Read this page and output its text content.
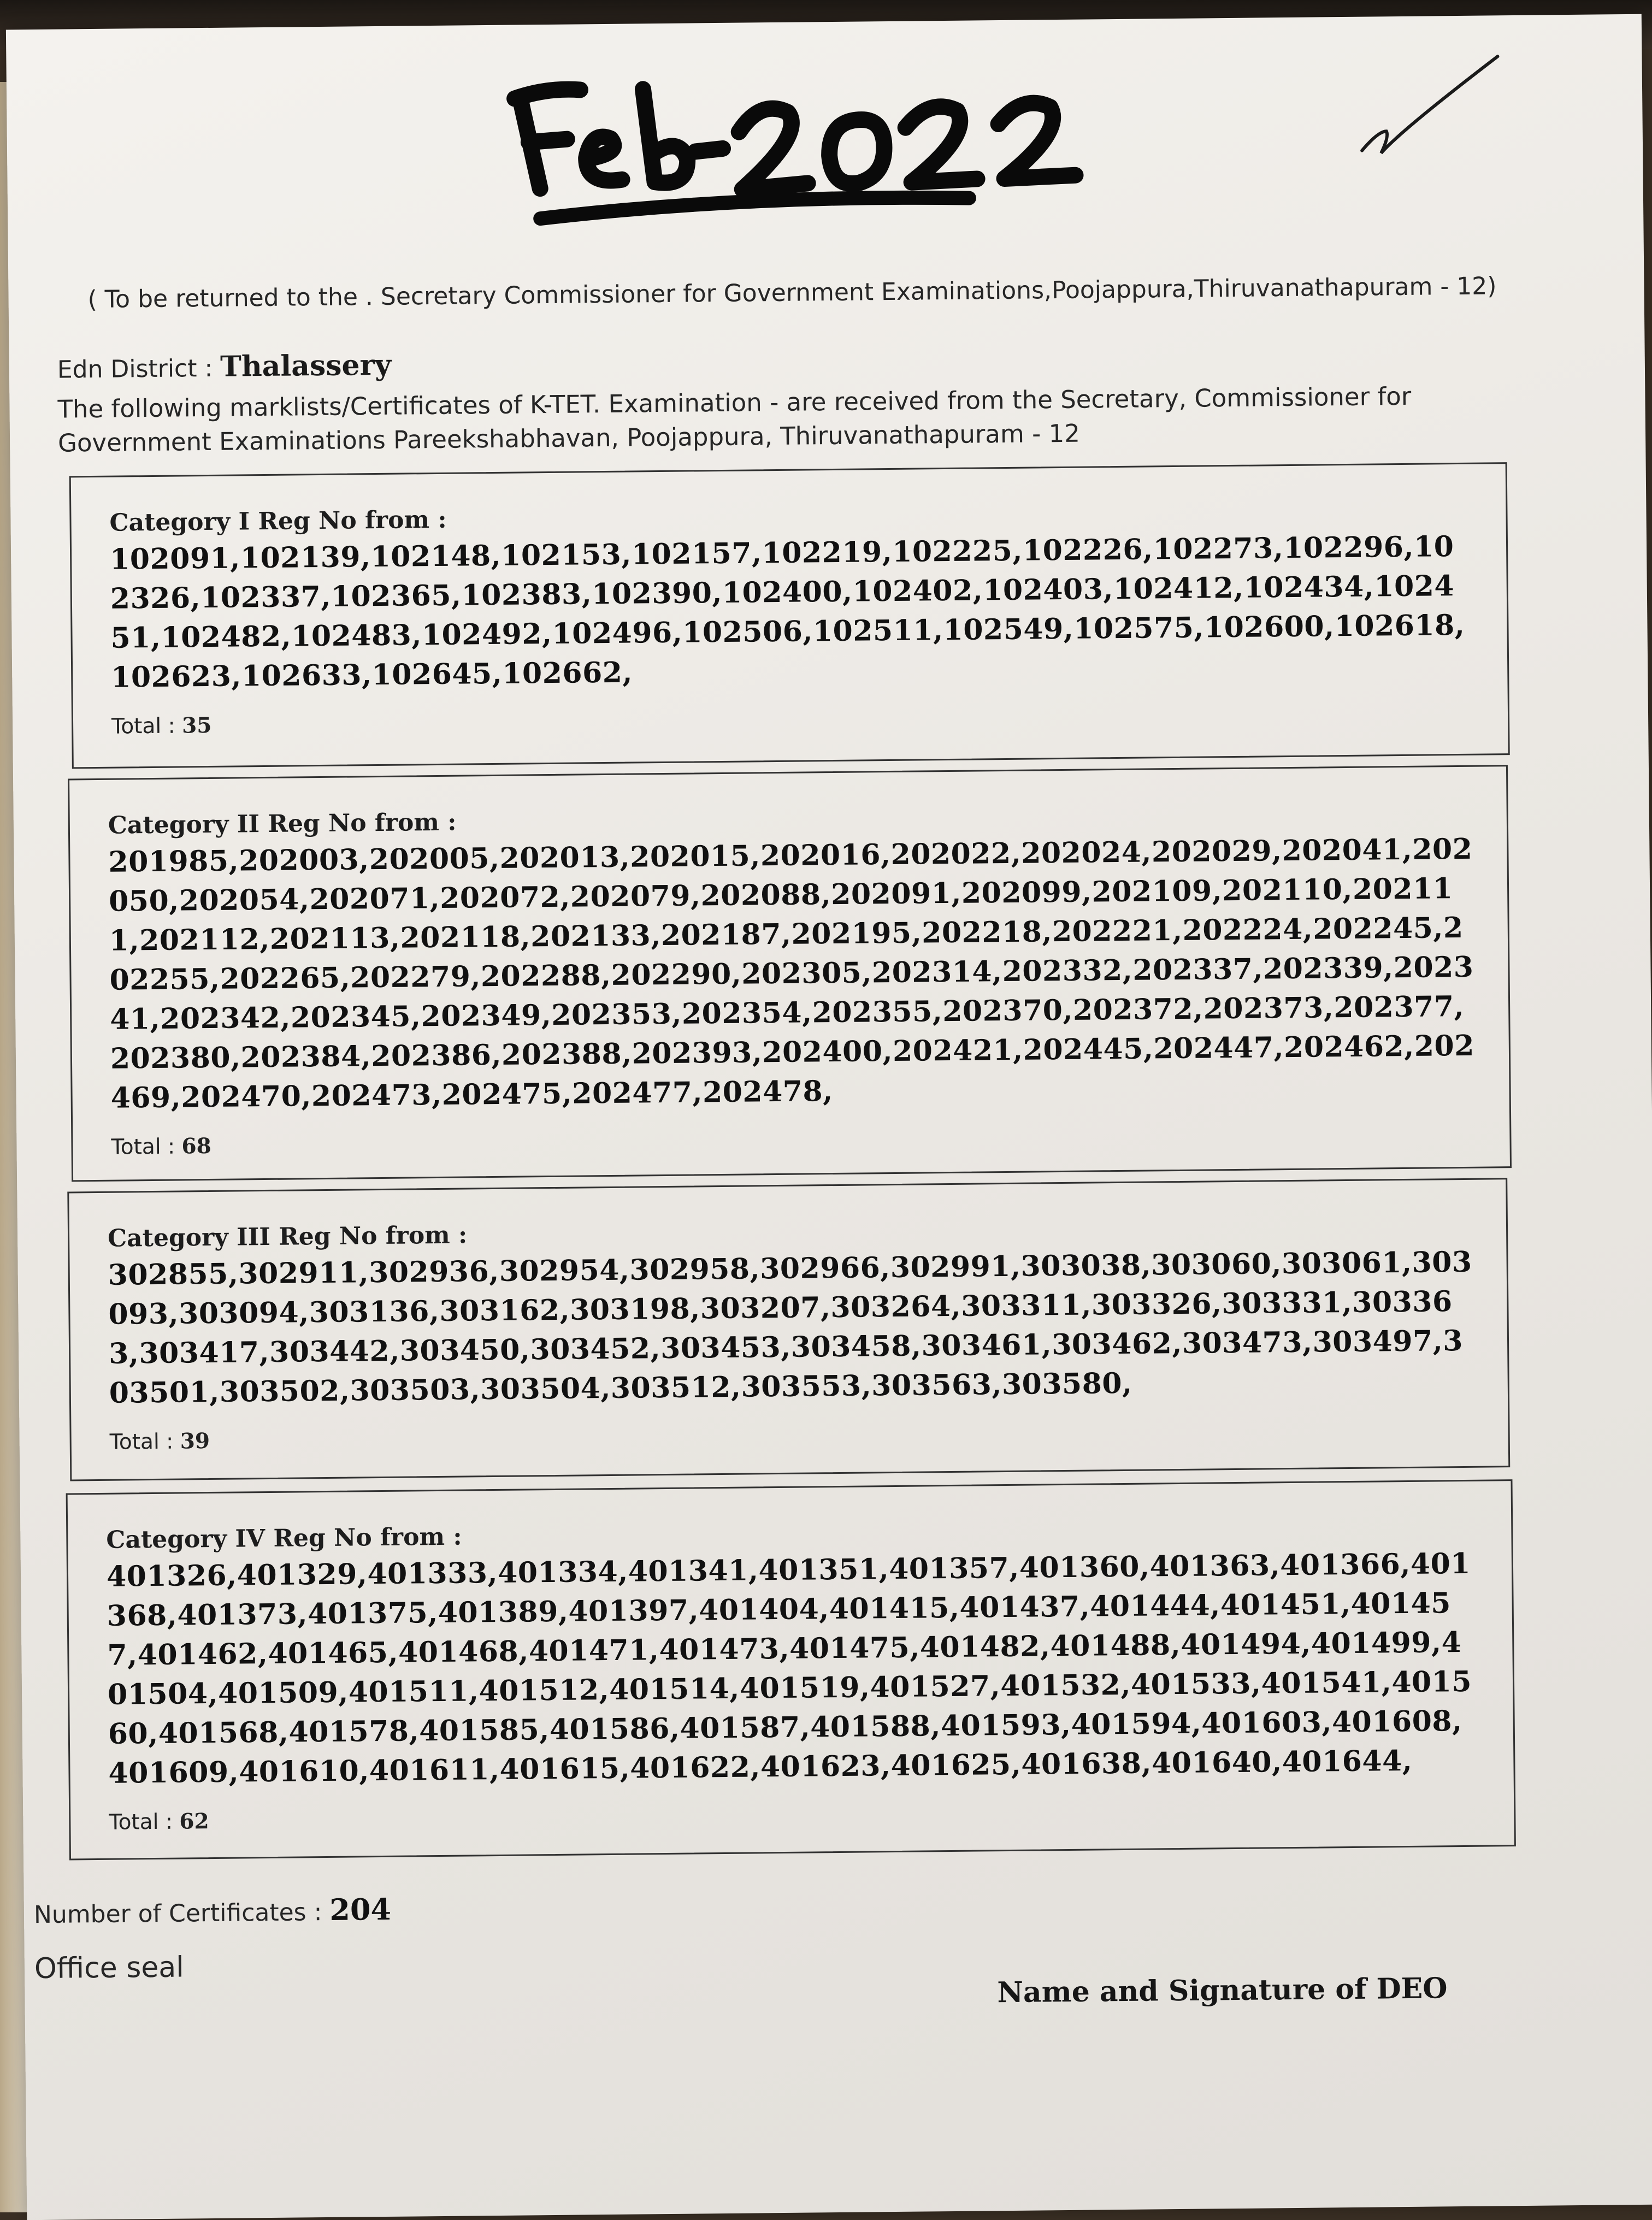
( To be returned to the . Secretary Commissioner for Government Examinations,Poojappura,Thiruvanathapuram - 12)
Edn District : Thalassery
The following marklists/Certificates of K-TET. Examination - are received from the Secretary, Commissioner for Government Examinations Pareekshabhavan, Poojappura, Thiruvanathapuram - 12
Category I Reg No from :
102091,102139,102148,102153,102157,102219,102225,102226,102273,102296,102326,102337,102365,102383,102390,102400,102402,102403,102412,102434,102451,102482,102483,102492,102496,102506,102511,102549,102575,102600,102618,102623,102633,102645,102662,
Total : 35
Category II Reg No from :
201985,202003,202005,202013,202015,202016,202022,202024,202029,202041,202050,202054,202071,202072,202079,202088,202091,202099,202109,202110,202111,202112,202113,202118,202133,202187,202195,202218,202221,202224,202245,202255,202265,202279,202288,202290,202305,202314,202332,202337,202339,202341,202342,202345,202349,202353,202354,202355,202370,202372,202373,202377,202380,202384,202386,202388,202393,202400,202421,202445,202447,202462,202469,202470,202473,202475,202477,202478,
Total : 68
Category III Reg No from :
302855,302911,302936,302954,302958,302966,302991,303038,303060,303061,303093,303094,303136,303162,303198,303207,303264,303311,303326,303331,303363,303417,303442,303450,303452,303453,303458,303461,303462,303473,303497,303501,303502,303503,303504,303512,303553,303563,303580,
Total : 39
Category IV Reg No from :
401326,401329,401333,401334,401341,401351,401357,401360,401363,401366,401368,401373,401375,401389,401397,401404,401415,401437,401444,401451,401457,401462,401465,401468,401471,401473,401475,401482,401488,401494,401499,401504,401509,401511,401512,401514,401519,401527,401532,401533,401541,401560,401568,401578,401585,401586,401587,401588,401593,401594,401603,401608,401609,401610,401611,401615,401622,401623,401625,401638,401640,401644,
Total : 62
Number of Certificates : 204
Office seal
Name and Signature of DEO
